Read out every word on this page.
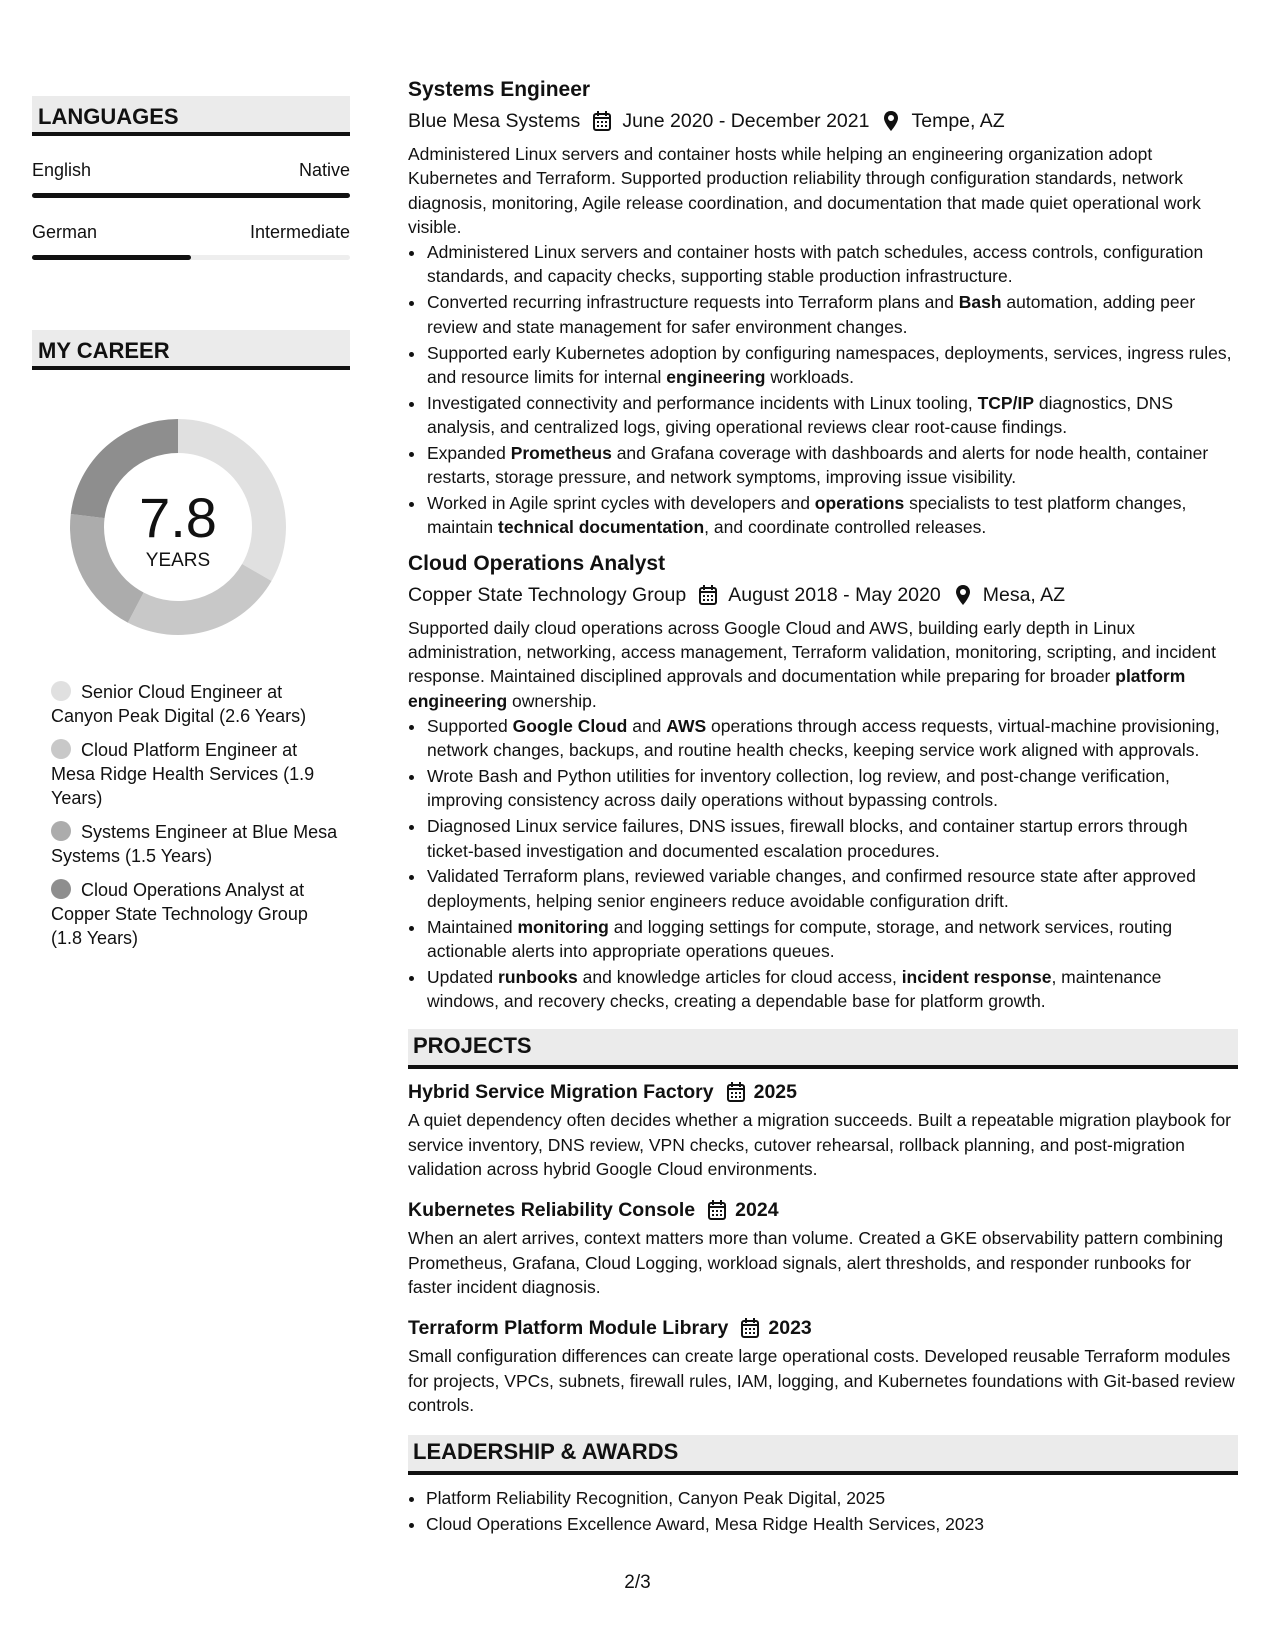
LANGUAGES
English	Native
German	Intermediate
MY CAREER
7.8
YEARS
Senior Cloud Engineer at Canyon Peak Digital (2.6 Years)
Cloud Platform Engineer at Mesa Ridge Health Services (1.9 Years)
Systems Engineer at Blue Mesa Systems (1.5 Years)
Cloud Operations Analyst at Copper State Technology Group (1.8 Years)
Systems Engineer
Blue Mesa Systems June 2020 - December 2021 Tempe, AZ

Administered Linux servers and container hosts while helping an engineering organization adopt Kubernetes and Terraform. Supported production reliability through configuration standards, network diagnosis, monitoring, Agile release coordination, and documentation that made quiet operational work visible.

• Administered Linux servers and container hosts with patch schedules, access controls, configuration standards, and capacity checks, supporting stable production infrastructure.
• Converted recurring infrastructure requests into Terraform plans and Bash automation, adding peer review and state management for safer environment changes.
• Supported early Kubernetes adoption by configuring namespaces, deployments, services, ingress rules, and resource limits for internal engineering workloads.
• Investigated connectivity and performance incidents with Linux tooling, TCP/IP diagnostics, DNS analysis, and centralized logs, giving operational reviews clear root-cause findings.
• Expanded Prometheus and Grafana coverage with dashboards and alerts for node health, container restarts, storage pressure, and network symptoms, improving issue visibility.
• Worked in Agile sprint cycles with developers and operations specialists to test platform changes, maintain technical documentation, and coordinate controlled releases.
Cloud Operations Analyst
Copper State Technology Group August 2018 - May 2020 Mesa, AZ

Supported daily cloud operations across Google Cloud and AWS, building early depth in Linux administration, networking, access management, Terraform validation, monitoring, scripting, and incident response. Maintained disciplined approvals and documentation while preparing for broader platform engineering ownership.

• Supported Google Cloud and AWS operations through access requests, virtual-machine provisioning, network changes, backups, and routine health checks, keeping service work aligned with approvals.
• Wrote Bash and Python utilities for inventory collection, log review, and post-change verification, improving consistency across daily operations without bypassing controls.
• Diagnosed Linux service failures, DNS issues, firewall blocks, and container startup errors through ticket-based investigation and documented escalation procedures.
• Validated Terraform plans, reviewed variable changes, and confirmed resource state after approved deployments, helping senior engineers reduce avoidable configuration drift.
• Maintained monitoring and logging settings for compute, storage, and network services, routing actionable alerts into appropriate operations queues.
• Updated runbooks and knowledge articles for cloud access, incident response, maintenance windows, and recovery checks, creating a dependable base for platform growth.
PROJECTS
Hybrid Service Migration Factory 2025

A quiet dependency often decides whether a migration succeeds. Built a repeatable migration playbook for service inventory, DNS review, VPN checks, cutover rehearsal, rollback planning, and post-migration validation across hybrid Google Cloud environments.

Kubernetes Reliability Console 2024

When an alert arrives, context matters more than volume. Created a GKE observability pattern combining Prometheus, Grafana, Cloud Logging, workload signals, alert thresholds, and responder runbooks for faster incident diagnosis.

Terraform Platform Module Library 2023

Small configuration differences can create large operational costs. Developed reusable Terraform modules for projects, VPCs, subnets, firewall rules, IAM, logging, and Kubernetes foundations with Git-based review controls.

LEADERSHIP & AWARDS
• Platform Reliability Recognition, Canyon Peak Digital, 2025
• Cloud Operations Excellence Award, Mesa Ridge Health Services, 2023
2/3
